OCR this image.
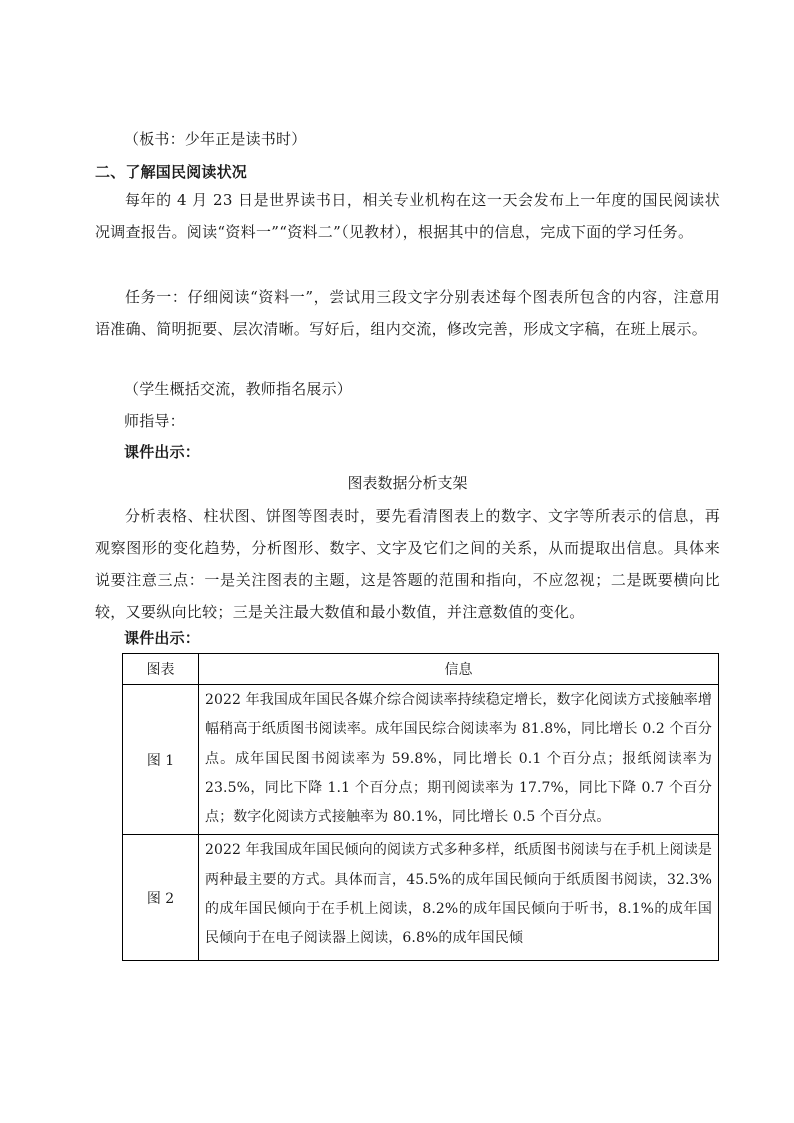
（板书：少年正是读书时）
二、了解国民阅读状况
每年的 4 月 23 日是世界读书日，相关专业机构在这一天会发布上一年度的国民阅读状况调查报告。阅读“资料一”“资料二”（见教材），根据其中的信息，完成下面的学习任务。
任务一：仔细阅读“资料一”，尝试用三段文字分别表述每个图表所包含的内容，注意用语准确、简明扼要、层次清晰。写好后，组内交流，修改完善，形成文字稿，在班上展示。
（学生概括交流，教师指名展示）
师指导：
课件出示：
图表数据分析支架
分析表格、柱状图、饼图等图表时，要先看清图表上的数字、文字等所表示的信息，再观察图形的变化趋势，分析图形、数字、文字及它们之间的关系，从而提取出信息。具体来说要注意三点：一是关注图表的主题，这是答题的范围和指向，不应忽视；二是既要横向比较，又要纵向比较；三是关注最大数值和最小数值，并注意数值的变化。
课件出示：
图表	信息
图 1	2022 年我国成年国民各媒介综合阅读率持续稳定增长，数字化阅读方式接触率增幅稍高于纸质图书阅读率。成年国民综合阅读率为 81.8%，同比增长 0.2 个百分点。成年国民图书阅读率为 59.8%，同比增长 0.1 个百分点；报纸阅读率为 23.5%，同比下降 1.1 个百分点；期刊阅读率为 17.7%，同比下降 0.7 个百分点；数字化阅读方式接触率为 80.1%，同比增长 0.5 个百分点。
图 2	2022 年我国成年国民倾向的阅读方式多种多样，纸质图书阅读与在手机上阅读是两种最主要的方式。具体而言，45.5%的成年国民倾向于纸质图书阅读，32.3%的成年国民倾向于在手机上阅读，8.2%的成年国民倾向于听书，8.1%的成年国民倾向于在电子阅读器上阅读，6.8%的成年国民倾
